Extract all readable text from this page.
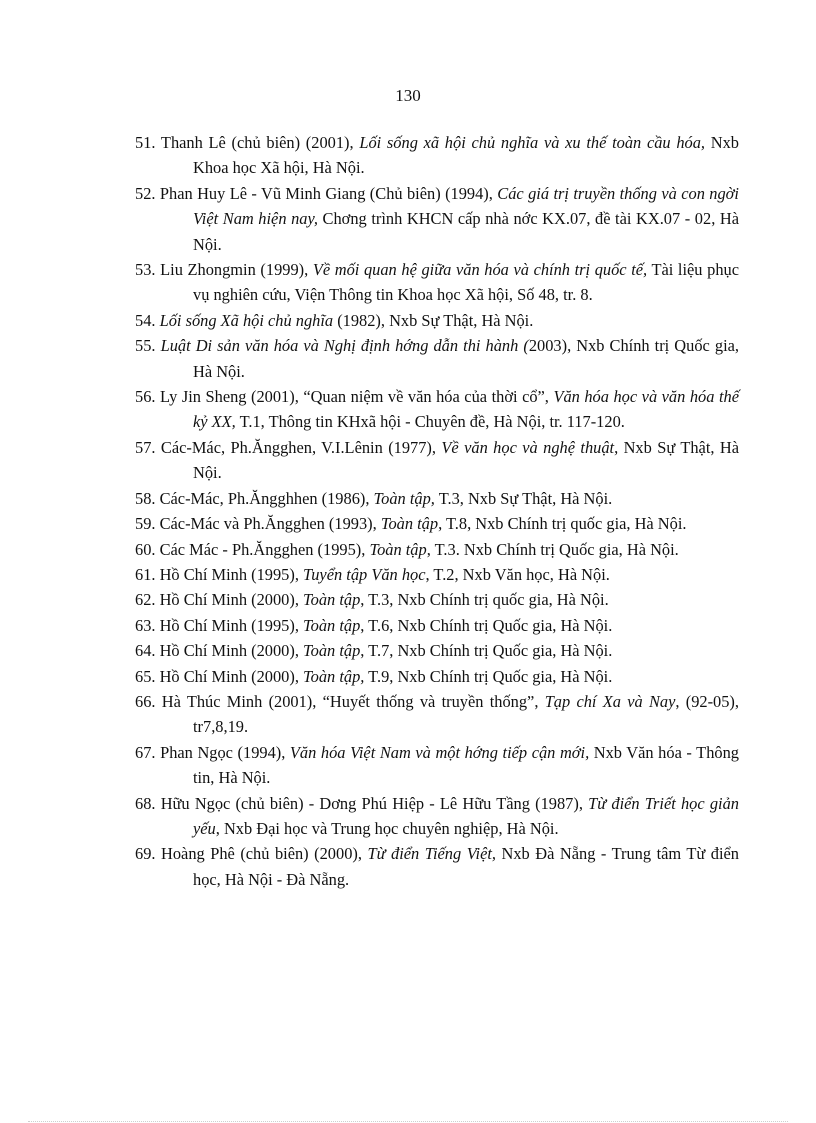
130
51. Thanh Lê (chủ biên) (2001), Lối sống xã hội chủ nghĩa và xu thế toàn cầu hóa, Nxb Khoa học Xã hội, Hà Nội.
52. Phan Huy Lê - Vũ Minh Giang (Chủ biên) (1994), Các giá trị truyền thống và con ngời Việt Nam hiện nay, Chơng trình KHCN cấp nhà nớc KX.07, đề tài KX.07 - 02, Hà Nội.
53. Liu Zhongmin (1999), Về mối quan hệ giữa văn hóa và chính trị quốc tế, Tài liệu phục vụ nghiên cứu, Viện Thông tin Khoa học Xã hội, Số 48, tr. 8.
54. Lối sống Xã hội chủ nghĩa (1982), Nxb Sự Thật, Hà Nội.
55. Luật Di sản văn hóa và Nghị định hớng dẫn thi hành (2003), Nxb Chính trị Quốc gia, Hà Nội.
56. Ly Jin Sheng (2001), “Quan niệm về văn hóa của thời cổ”, Văn hóa học và văn hóa thế kỷ XX, T.1, Thông tin KHxã hội - Chuyên đề, Hà Nội, tr. 117-120.
57. Các-Mác, Ph.Ăngghen, V.I.Lênin (1977), Về văn học và nghệ thuật, Nxb Sự Thật, Hà Nội.
58. Các-Mác, Ph.Ăngghhen (1986), Toàn tập, T.3, Nxb Sự Thật, Hà Nội.
59. Các-Mác và Ph.Ăngghen (1993), Toàn tập, T.8, Nxb Chính trị quốc gia, Hà Nội.
60. Các Mác - Ph.Ăngghen (1995), Toàn tập, T.3. Nxb Chính trị Quốc gia, Hà Nội.
61. Hồ Chí Minh (1995), Tuyển tập Văn học, T.2, Nxb Văn học, Hà Nội.
62. Hồ Chí Minh (2000), Toàn tập, T.3, Nxb Chính trị quốc gia, Hà Nội.
63. Hồ Chí Minh (1995), Toàn tập, T.6, Nxb Chính trị Quốc gia, Hà Nội.
64. Hồ Chí Minh (2000), Toàn tập, T.7, Nxb Chính trị Quốc gia, Hà Nội.
65. Hồ Chí Minh (2000), Toàn tập, T.9, Nxb Chính trị Quốc gia, Hà Nội.
66. Hà Thúc Minh (2001), “Huyết thống và truyền thống”, Tạp chí Xa và Nay, (92-05), tr7,8,19.
67. Phan Ngọc (1994), Văn hóa Việt Nam và một hớng tiếp cận mới, Nxb Văn hóa - Thông tin, Hà Nội.
68. Hữu Ngọc (chủ biên) - Dơng Phú Hiệp - Lê Hữu Tầng (1987), Từ điển Triết học giản yếu, Nxb Đại học và Trung học chuyên nghiệp, Hà Nội.
69. Hoàng Phê (chủ biên) (2000), Từ điển Tiếng Việt, Nxb Đà Nẵng - Trung tâm Từ điển học, Hà Nội - Đà Nẵng.
